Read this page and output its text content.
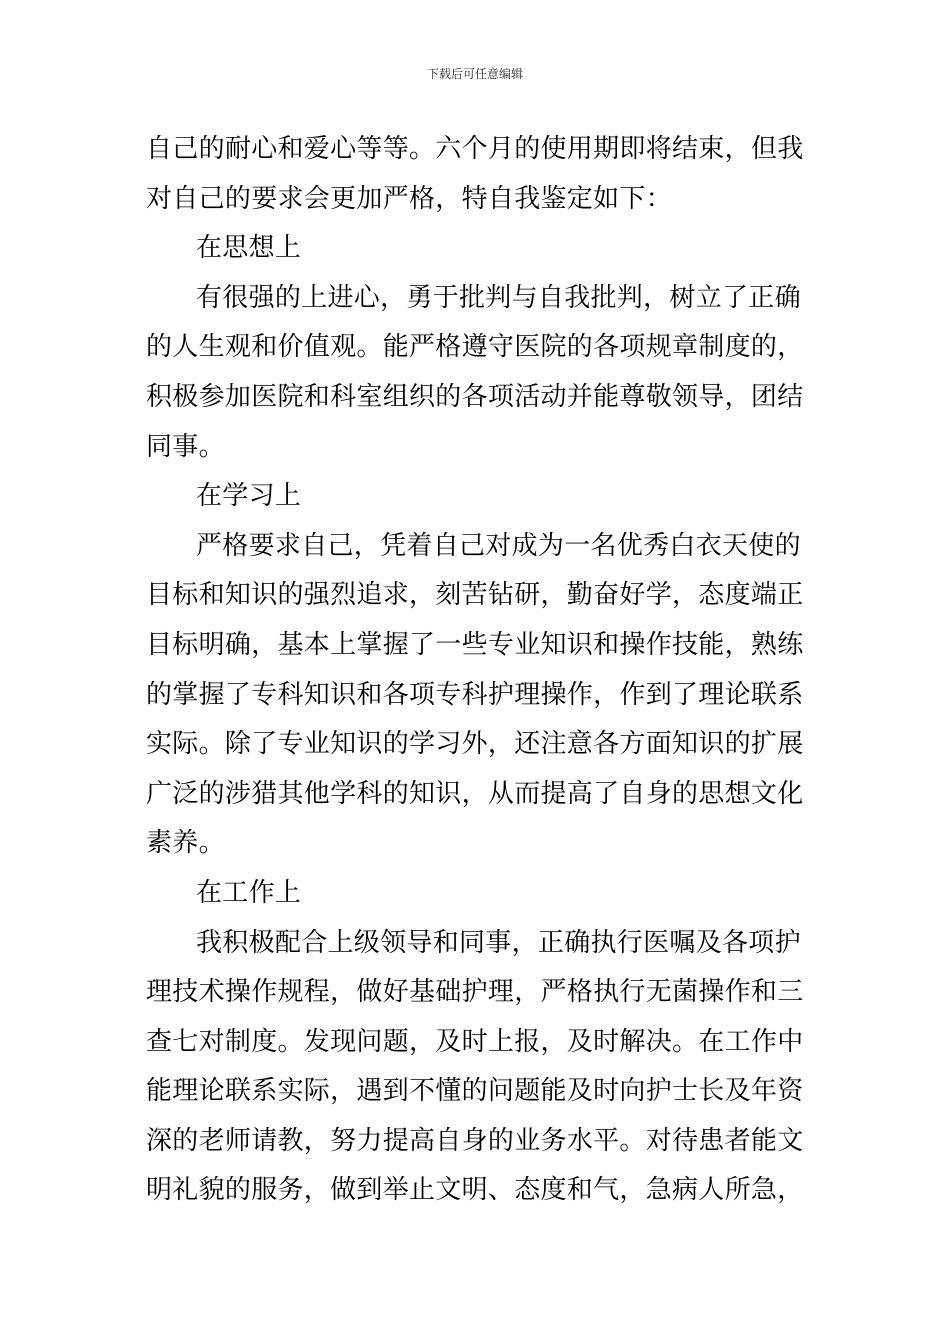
下载后可任意编辑
自己的耐心和爱心等等。六个月的使用期即将结束，但我
对自己的要求会更加严格，特自我鉴定如下：
在思想上
有很强的上进心，勇于批判与自我批判，树立了正确
的人生观和价值观。能严格遵守医院的各项规章制度的，
积极参加医院和科室组织的各项活动并能尊敬领导，团结
同事。
在学习上
严格要求自己，凭着自己对成为一名优秀白衣天使的
目标和知识的强烈追求，刻苦钻研，勤奋好学，态度端正
目标明确，基本上掌握了一些专业知识和操作技能，熟练
的掌握了专科知识和各项专科护理操作，作到了理论联系
实际。除了专业知识的学习外，还注意各方面知识的扩展
广泛的涉猎其他学科的知识，从而提高了自身的思想文化
素养。
在工作上
我积极配合上级领导和同事，正确执行医嘱及各项护
理技术操作规程，做好基础护理，严格执行无菌操作和三
查七对制度。发现问题，及时上报，及时解决。在工作中
能理论联系实际，遇到不懂的问题能及时向护士长及年资
深的老师请教，努力提高自身的业务水平。对待患者能文
明礼貌的服务，做到举止文明、态度和气，急病人所急，
